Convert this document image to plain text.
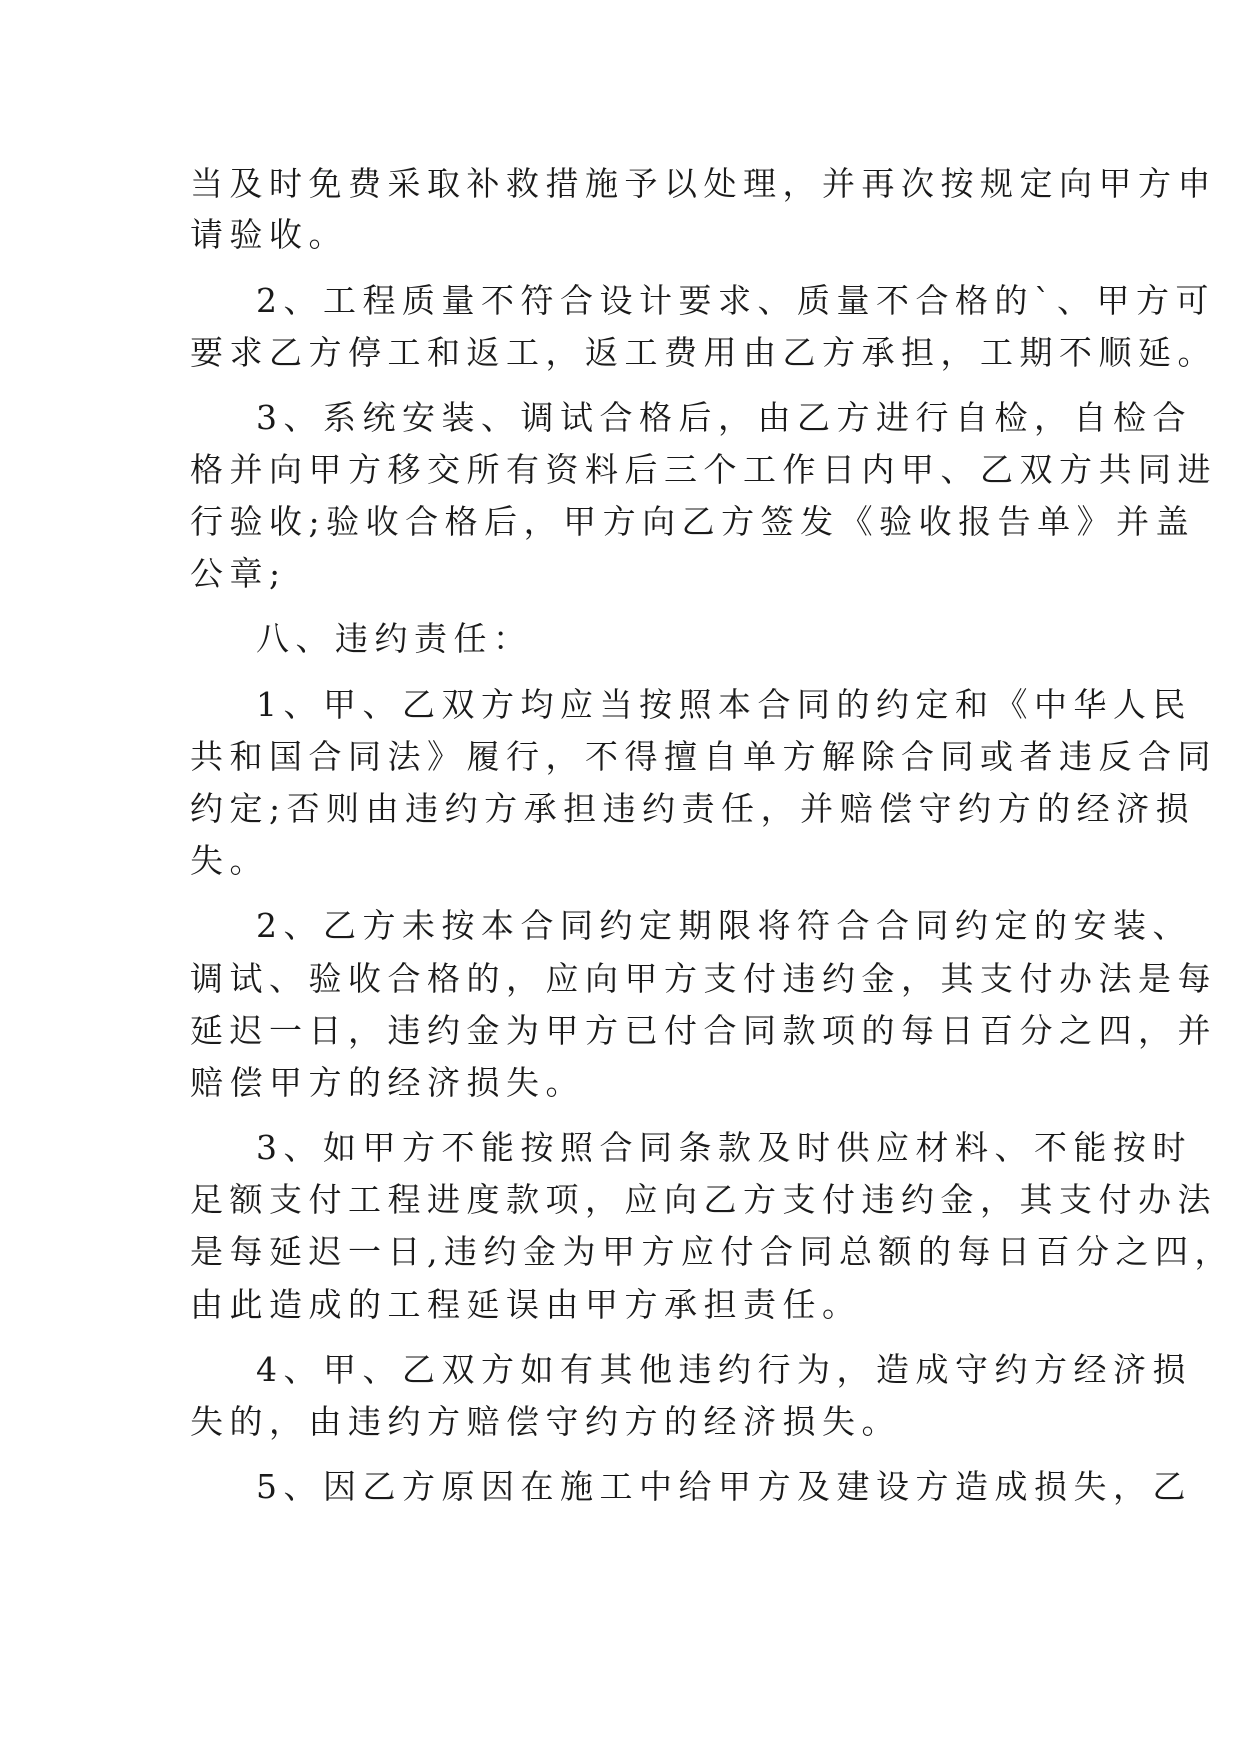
当及时免费采取补救措施予以处理，并再次按规定向甲方申
请验收。
2、工程质量不符合设计要求、质量不合格的`、甲方可
要求乙方停工和返工，返工费用由乙方承担，工期不顺延。
3、系统安装、调试合格后，由乙方进行自检，自检合
格并向甲方移交所有资料后三个工作日内甲、乙双方共同进
行验收;验收合格后，甲方向乙方签发《验收报告单》并盖
公章;
八、违约责任：
1、甲、乙双方均应当按照本合同的约定和《中华人民
共和国合同法》履行，不得擅自单方解除合同或者违反合同
约定;否则由违约方承担违约责任，并赔偿守约方的经济损
失。
2、乙方未按本合同约定期限将符合合同约定的安装、
调试、验收合格的，应向甲方支付违约金，其支付办法是每
延迟一日，违约金为甲方已付合同款项的每日百分之四，并
赔偿甲方的经济损失。
3、如甲方不能按照合同条款及时供应材料、不能按时
足额支付工程进度款项，应向乙方支付违约金，其支付办法
是每延迟一日,违约金为甲方应付合同总额的每日百分之四，
由此造成的工程延误由甲方承担责任。
4、甲、乙双方如有其他违约行为，造成守约方经济损
失的，由违约方赔偿守约方的经济损失。
5、因乙方原因在施工中给甲方及建设方造成损失，乙
